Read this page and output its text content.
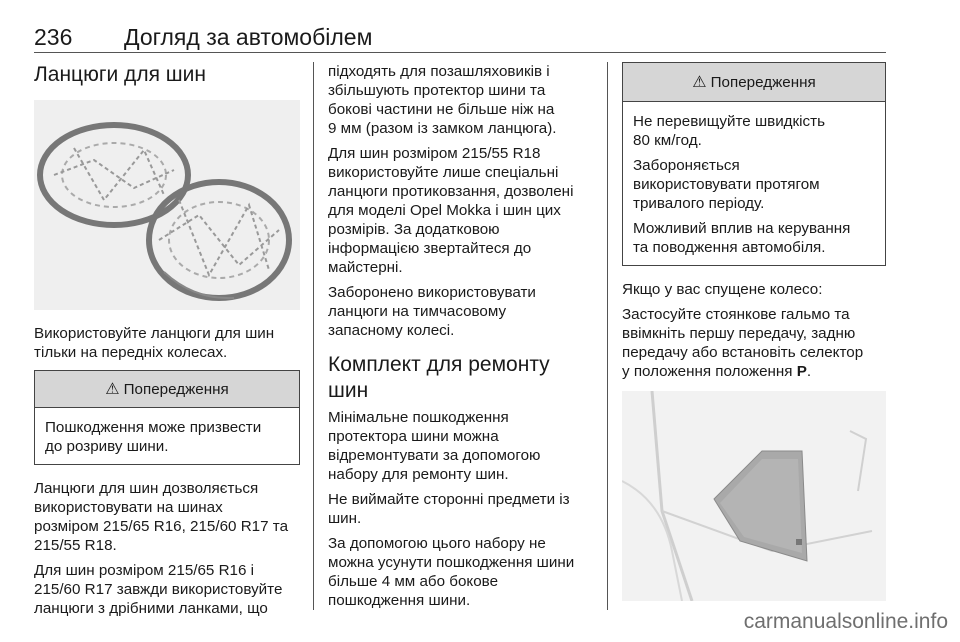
236 Догляд за автомобілем
Ланцюги для шин

Використовуйте ланцюги для шин
тільки на передніх колесах.

⚠ Попередження

Пошкодження може призвести
до розриву шини.

Ланцюги для шин дозволяється
використовувати на шинах
розміром 215/65 R16, 215/60 R17 та
215/55 R18.

Для шин розміром 215/65 R16 і
215/60 R17 завжди використовуйте
ланцюги з дрібними ланками, що

підходять для позашляховиків і
збільшують протектор шини та
бокові частини не більше ніж на
9 мм (разом із замком ланцюга).

Для шин розміром 215/55 R18
використовуйте лише спеціальні
ланцюги протиковзання, дозволені
для моделі Opel Mokka і шин цих
розмірів. За додатковою
інформацією звертайтеся до
майстерні.

Заборонено використовувати
ланцюги на тимчасовому
запасному колесі.

Комплект для ремонту
шин

Мінімальне пошкодження
протектора шини можна
відремонтувати за допомогою
набору для ремонту шин.

Не виймайте сторонні предмети із
шин.

За допомогою цього набору не
можна усунути пошкодження шини
більше 4 мм або бокове
пошкодження шини.

⚠ Попередження

Не перевищуйте швидкість
80 км/год.

Забороняється
використовувати протягом
тривалого періоду.

Можливий вплив на керування
та поводження автомобіля.

Якщо у вас спущене колесо:

Застосуйте стоянкове гальмо та
ввімкніть першу передачу, задню
передачу або встановіть селектор
у положення положення P.

carmanualsonline.info
